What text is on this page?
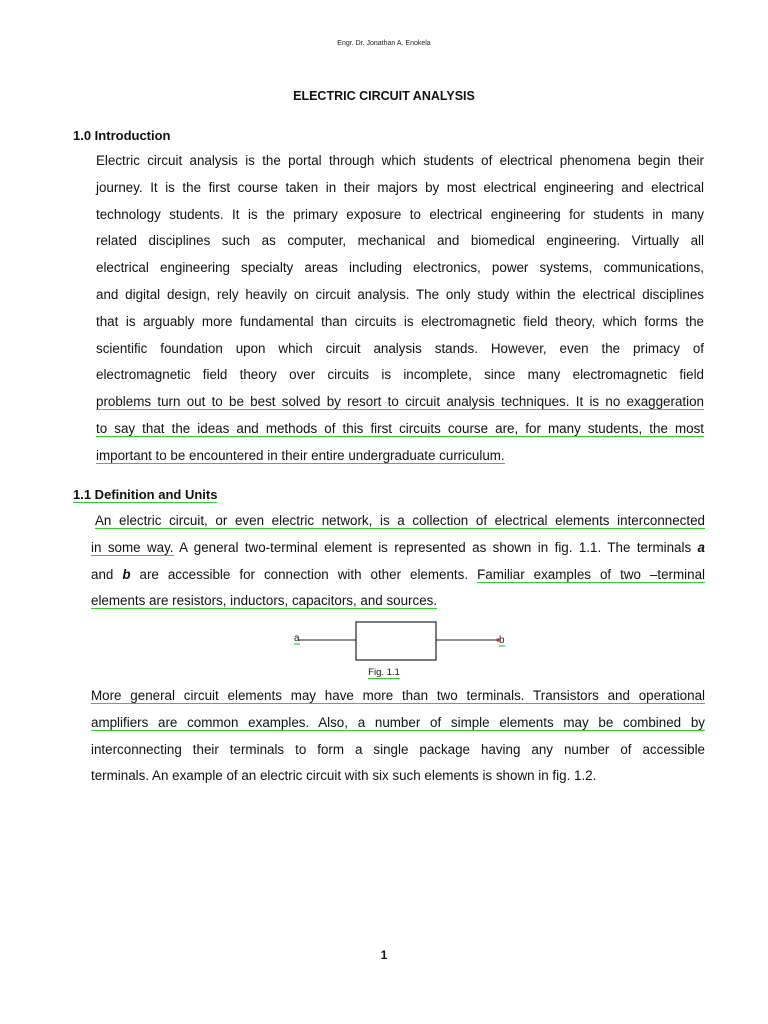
Engr. Dr. Jonathan A. Enokela
ELECTRIC CIRCUIT ANALYSIS
1.0 Introduction
Electric circuit analysis is the portal through which students of electrical phenomena begin their
journey. It is the first course taken in their majors by most electrical engineering and electrical
technology students. It is the primary exposure to electrical engineering for students in many
related disciplines such as computer, mechanical and biomedical engineering. Virtually all
electrical engineering specialty areas including electronics, power systems, communications,
and digital design, rely heavily on circuit analysis. The only study within the electrical disciplines
that is arguably more fundamental than circuits is electromagnetic field theory, which forms the
scientific foundation upon which circuit analysis stands. However, even the primacy of
electromagnetic field theory over circuits is incomplete, since many electromagnetic field
problems turn out to be best solved by resort to circuit analysis techniques. It is no exaggeration
to say that the ideas and methods of this first circuits course are, for many students, the most
important to be encountered in their entire undergraduate curriculum.
1.1 Definition and Units
An electric circuit, or even electric network, is a collection of electrical elements interconnected
in some way. A general two-terminal element is represented as shown in fig. 1.1. The terminals a
and b are accessible for connection with other elements. Familiar examples of two –terminal
elements are resistors, inductors, capacitors, and sources.
a	b
Fig. 1.1
More general circuit elements may have more than two terminals. Transistors and operational
amplifiers are common examples. Also, a number of simple elements may be combined by
interconnecting their terminals to form a single package having any number of accessible
terminals. An example of an electric circuit with six such elements is shown in fig. 1.2.
1
